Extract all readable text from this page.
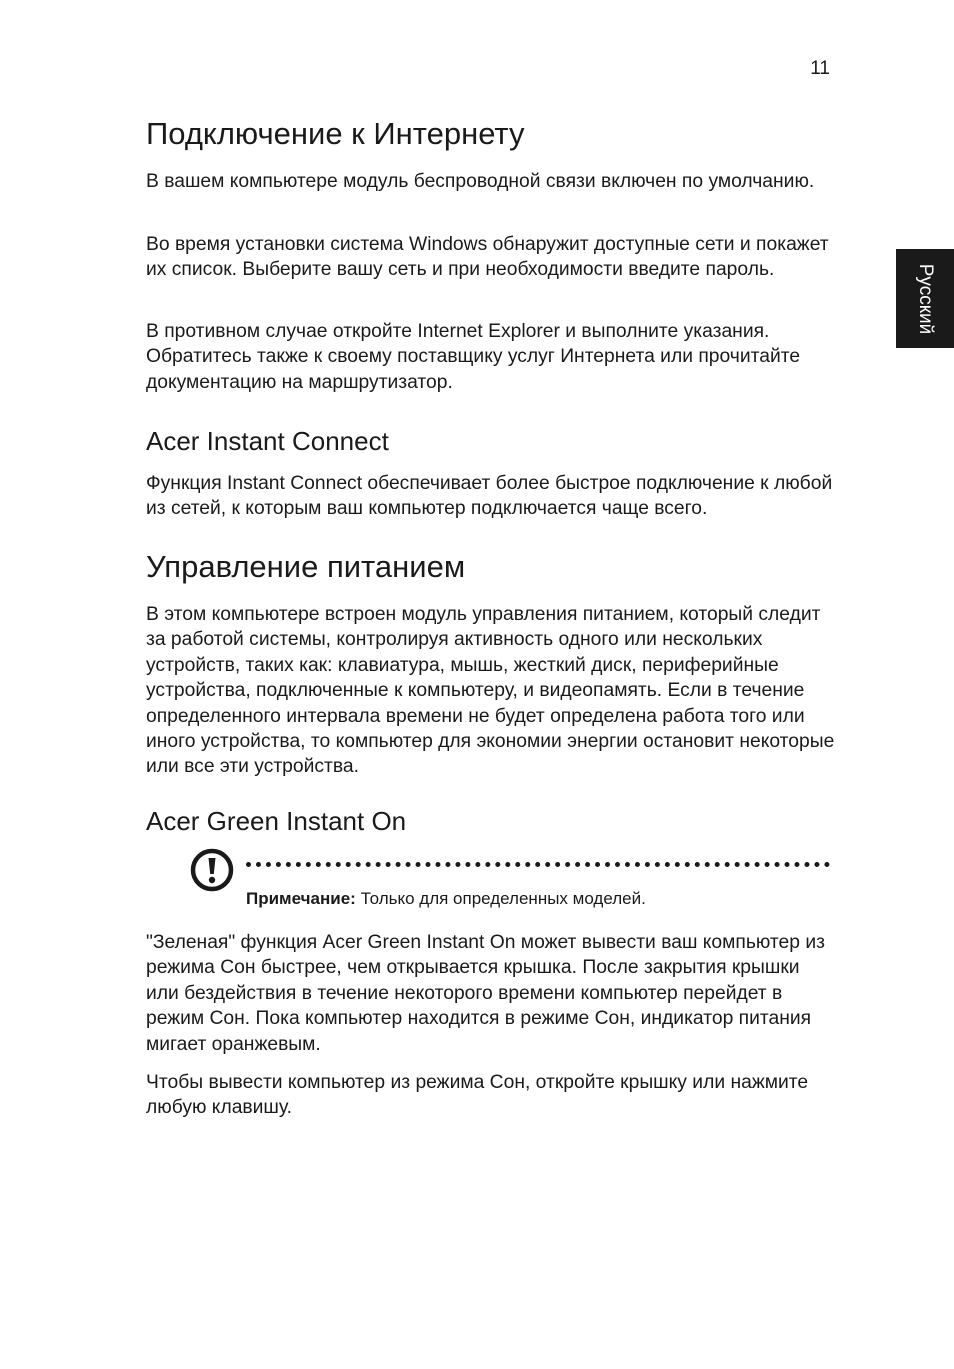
11
Русский
Подключение к Интернету

В вашем компьютере модуль беспроводной связи включен по умолчанию.

Во время установки система Windows обнаружит доступные сети и покажет их список. Выберите вашу сеть и при необходимости введите пароль.

В противном случае откройте Internet Explorer и выполните указания. Обратитесь также к своему поставщику услуг Интернета или прочитайте документацию на маршрутизатор.

Acer Instant Connect

Функция Instant Connect обеспечивает более быстрое подключение к любой из сетей, к которым ваш компьютер подключается чаще всего.

Управление питанием

В этом компьютере встроен модуль управления питанием, который следит за работой системы, контролируя активность одного или нескольких устройств, таких как: клавиатура, мышь, жесткий диск, периферийные устройства, подключенные к компьютеру, и видеопамять. Если в течение определенного интервала времени не будет определена работа того или иного устройства, то компьютер для экономии энергии остановит некоторые или все эти устройства.

Acer Green Instant On
Примечание: Только для определенных моделей.

"Зеленая" функция Acer Green Instant On может вывести ваш компьютер из режима Сон быстрее, чем открывается крышка. После закрытия крышки или бездействия в течение некоторого времени компьютер перейдет в режим Сон. Пока компьютер находится в режиме Сон, индикатор питания мигает оранжевым.

Чтобы вывести компьютер из режима Сон, откройте крышку или нажмите любую клавишу.
